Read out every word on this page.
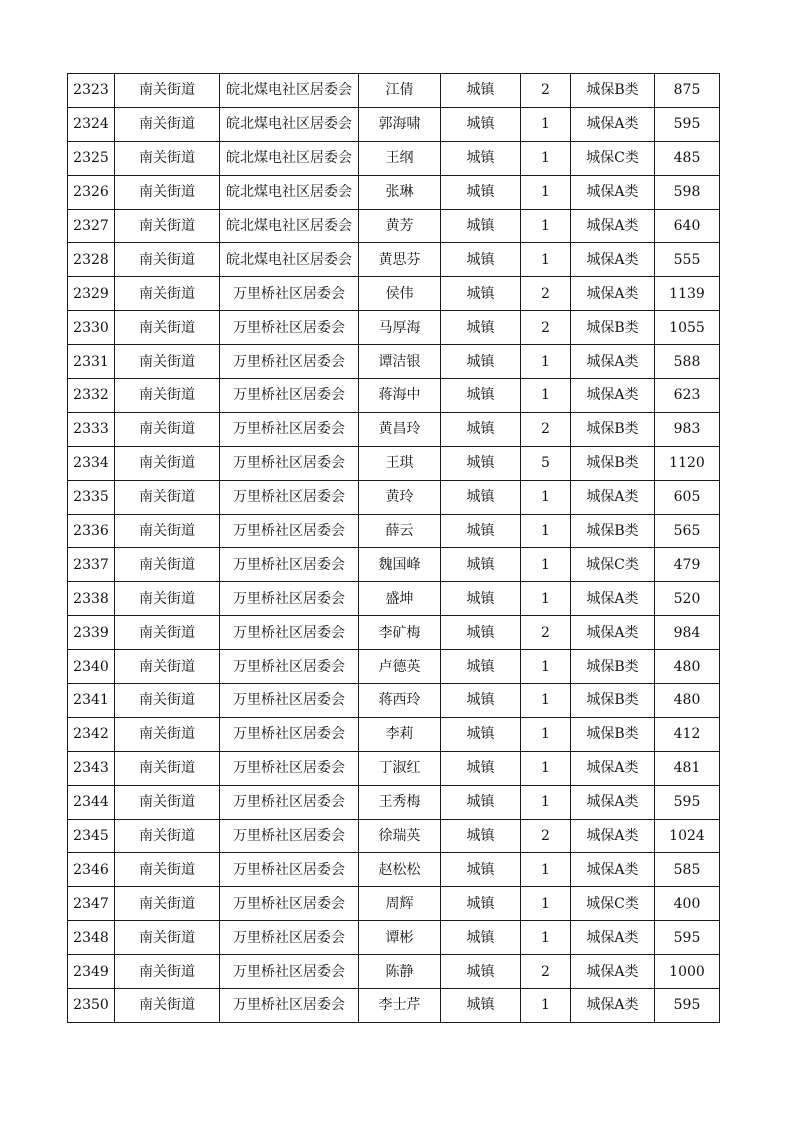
2323	南关街道	皖北煤电社区居委会	江倩	城镇	2	城保B类	875
2324	南关街道	皖北煤电社区居委会	郭海啸	城镇	1	城保A类	595
2325	南关街道	皖北煤电社区居委会	王纲	城镇	1	城保C类	485
2326	南关街道	皖北煤电社区居委会	张琳	城镇	1	城保A类	598
2327	南关街道	皖北煤电社区居委会	黄芳	城镇	1	城保A类	640
2328	南关街道	皖北煤电社区居委会	黄思芬	城镇	1	城保A类	555
2329	南关街道	万里桥社区居委会	侯伟	城镇	2	城保A类	1139
2330	南关街道	万里桥社区居委会	马厚海	城镇	2	城保B类	1055
2331	南关街道	万里桥社区居委会	谭洁银	城镇	1	城保A类	588
2332	南关街道	万里桥社区居委会	蒋海中	城镇	1	城保A类	623
2333	南关街道	万里桥社区居委会	黄昌玲	城镇	2	城保B类	983
2334	南关街道	万里桥社区居委会	王琪	城镇	5	城保B类	1120
2335	南关街道	万里桥社区居委会	黄玲	城镇	1	城保A类	605
2336	南关街道	万里桥社区居委会	薛云	城镇	1	城保B类	565
2337	南关街道	万里桥社区居委会	魏国峰	城镇	1	城保C类	479
2338	南关街道	万里桥社区居委会	盛坤	城镇	1	城保A类	520
2339	南关街道	万里桥社区居委会	李矿梅	城镇	2	城保A类	984
2340	南关街道	万里桥社区居委会	卢德英	城镇	1	城保B类	480
2341	南关街道	万里桥社区居委会	蒋西玲	城镇	1	城保B类	480
2342	南关街道	万里桥社区居委会	李莉	城镇	1	城保B类	412
2343	南关街道	万里桥社区居委会	丁淑红	城镇	1	城保A类	481
2344	南关街道	万里桥社区居委会	王秀梅	城镇	1	城保A类	595
2345	南关街道	万里桥社区居委会	徐瑞英	城镇	2	城保A类	1024
2346	南关街道	万里桥社区居委会	赵松松	城镇	1	城保A类	585
2347	南关街道	万里桥社区居委会	周辉	城镇	1	城保C类	400
2348	南关街道	万里桥社区居委会	谭彬	城镇	1	城保A类	595
2349	南关街道	万里桥社区居委会	陈静	城镇	2	城保A类	1000
2350	南关街道	万里桥社区居委会	李士芹	城镇	1	城保A类	595
